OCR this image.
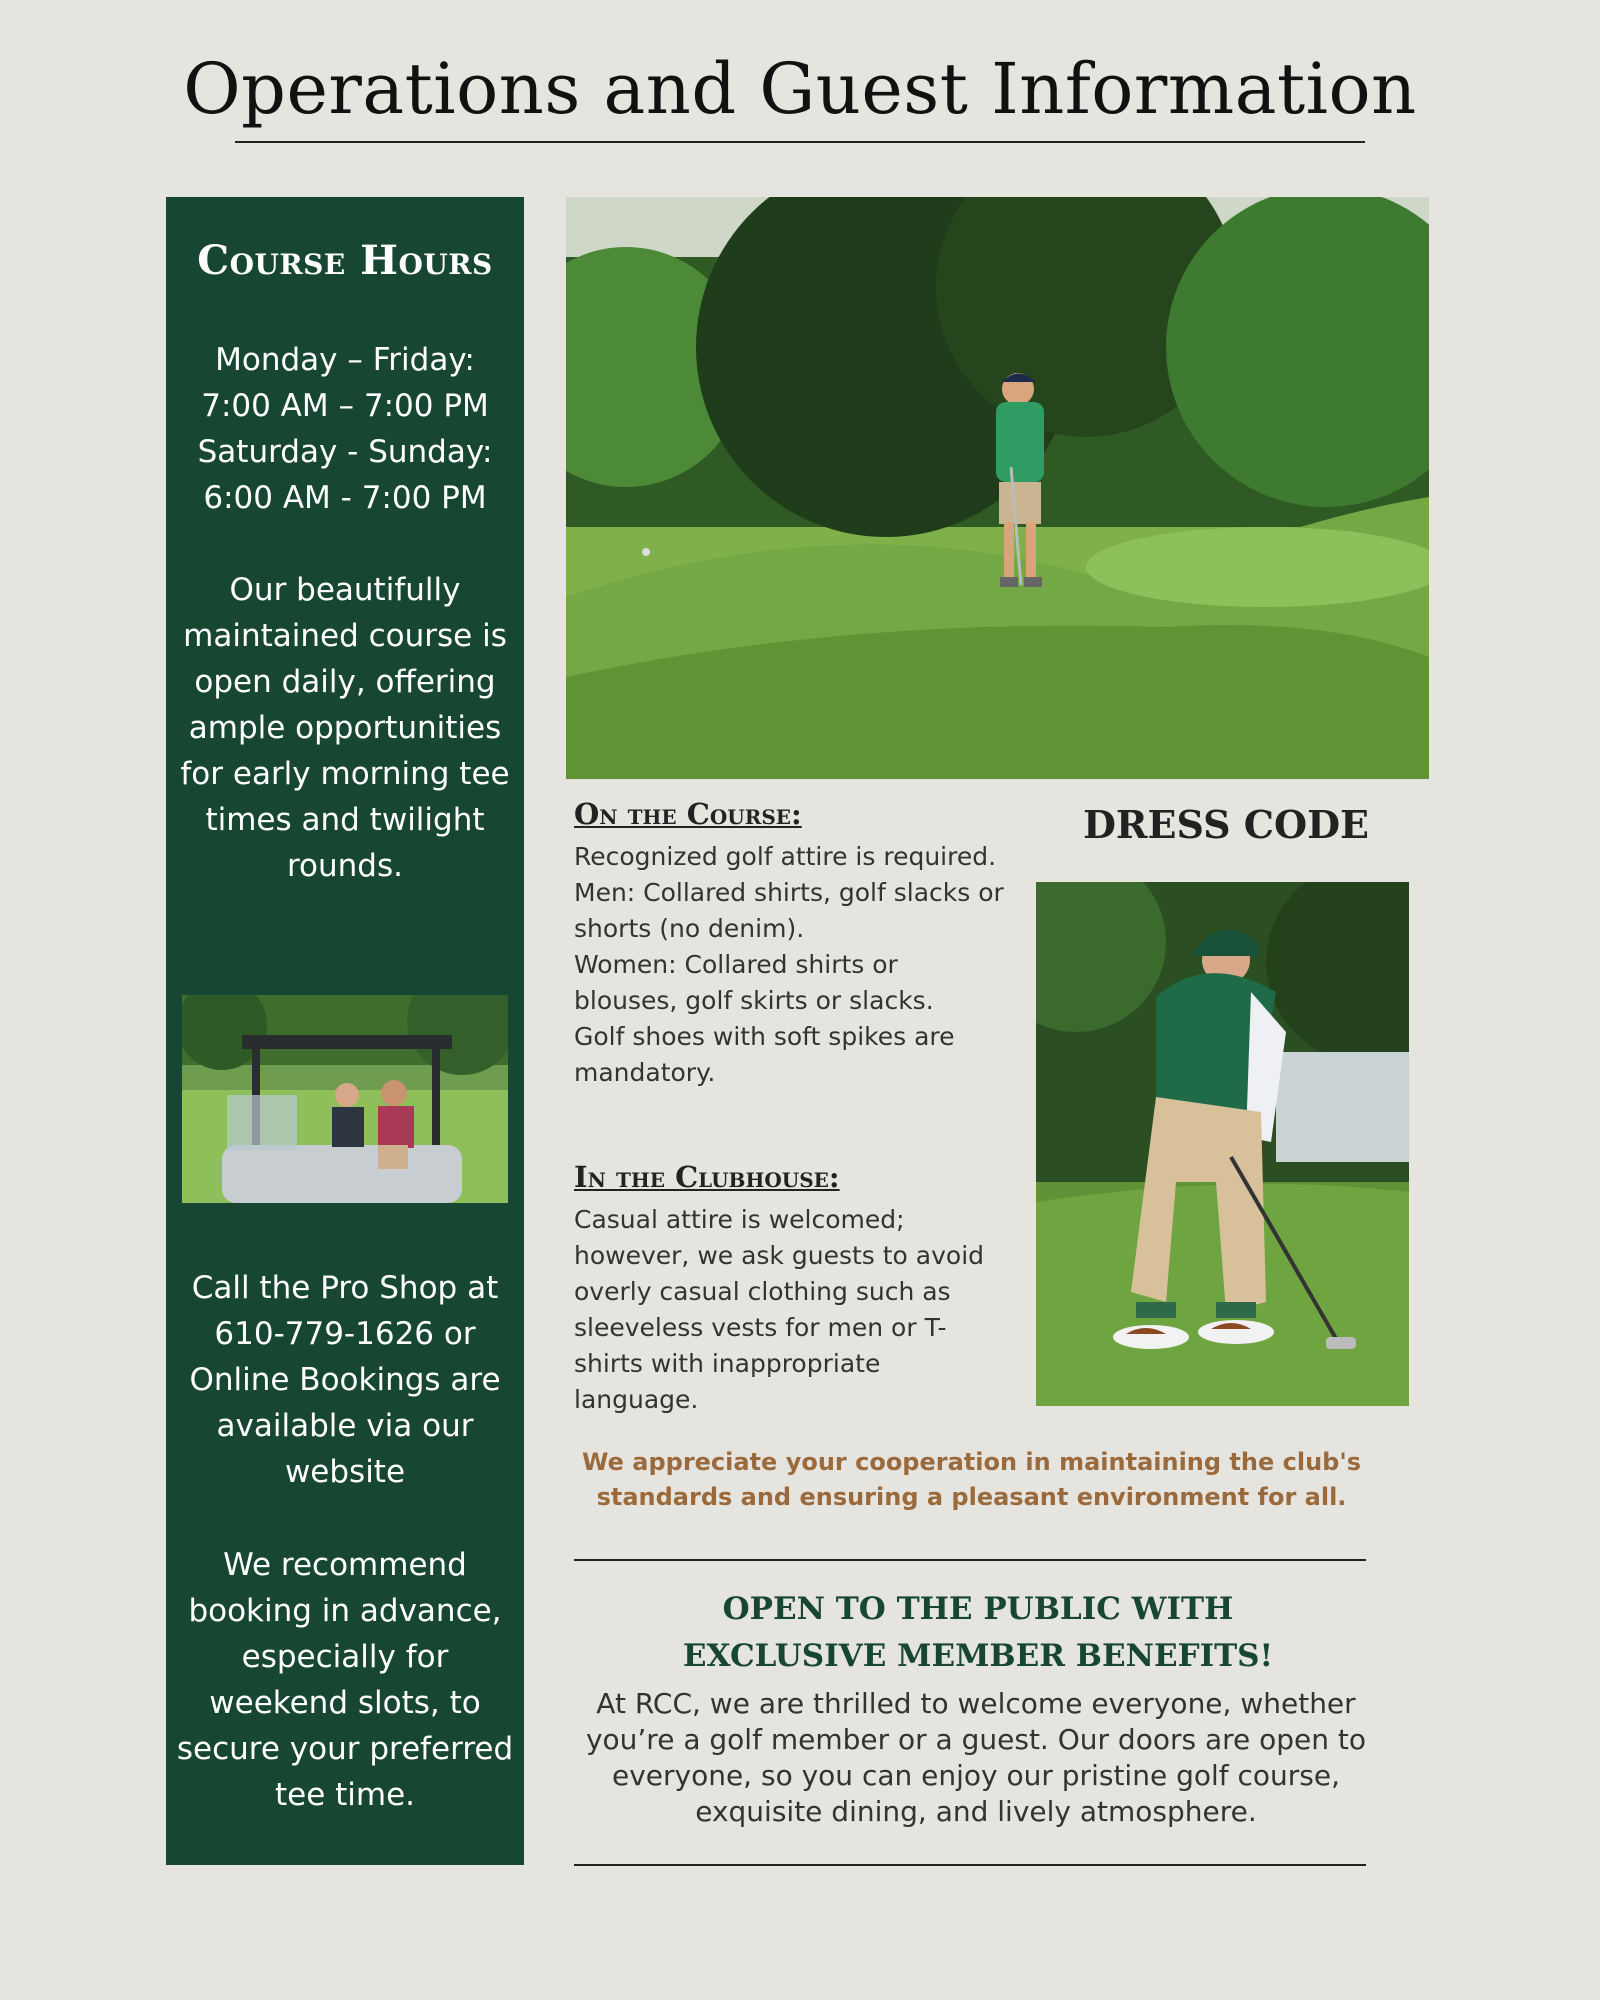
Operations and Guest Information
Course Hours
Monday – Friday:
7:00 AM – 7:00 PM
Saturday - Sunday:
6:00 AM - 7:00 PM
Our beautifully maintained course is open daily, offering ample opportunities for early morning tee times and twilight rounds.
Call the Pro Shop at 610-779-1626 or Online Bookings are available via our website
We recommend booking in advance, especially for weekend slots, to secure your preferred tee time.
DRESS CODE
On the Course:
Recognized golf attire is required.
Men: Collared shirts, golf slacks or shorts (no denim).
Women: Collared shirts or blouses, golf skirts or slacks.
Golf shoes with soft spikes are mandatory.
In the Clubhouse:
Casual attire is welcomed; however, we ask guests to avoid overly casual clothing such as sleeveless vests for men or T-shirts with inappropriate language.
We appreciate your cooperation in maintaining the club's standards and ensuring a pleasant environment for all.
OPEN TO THE PUBLIC WITH
EXCLUSIVE MEMBER BENEFITS!
At RCC, we are thrilled to welcome everyone, whether you’re a golf member or a guest. Our doors are open to everyone, so you can enjoy our pristine golf course, exquisite dining, and lively atmosphere.
